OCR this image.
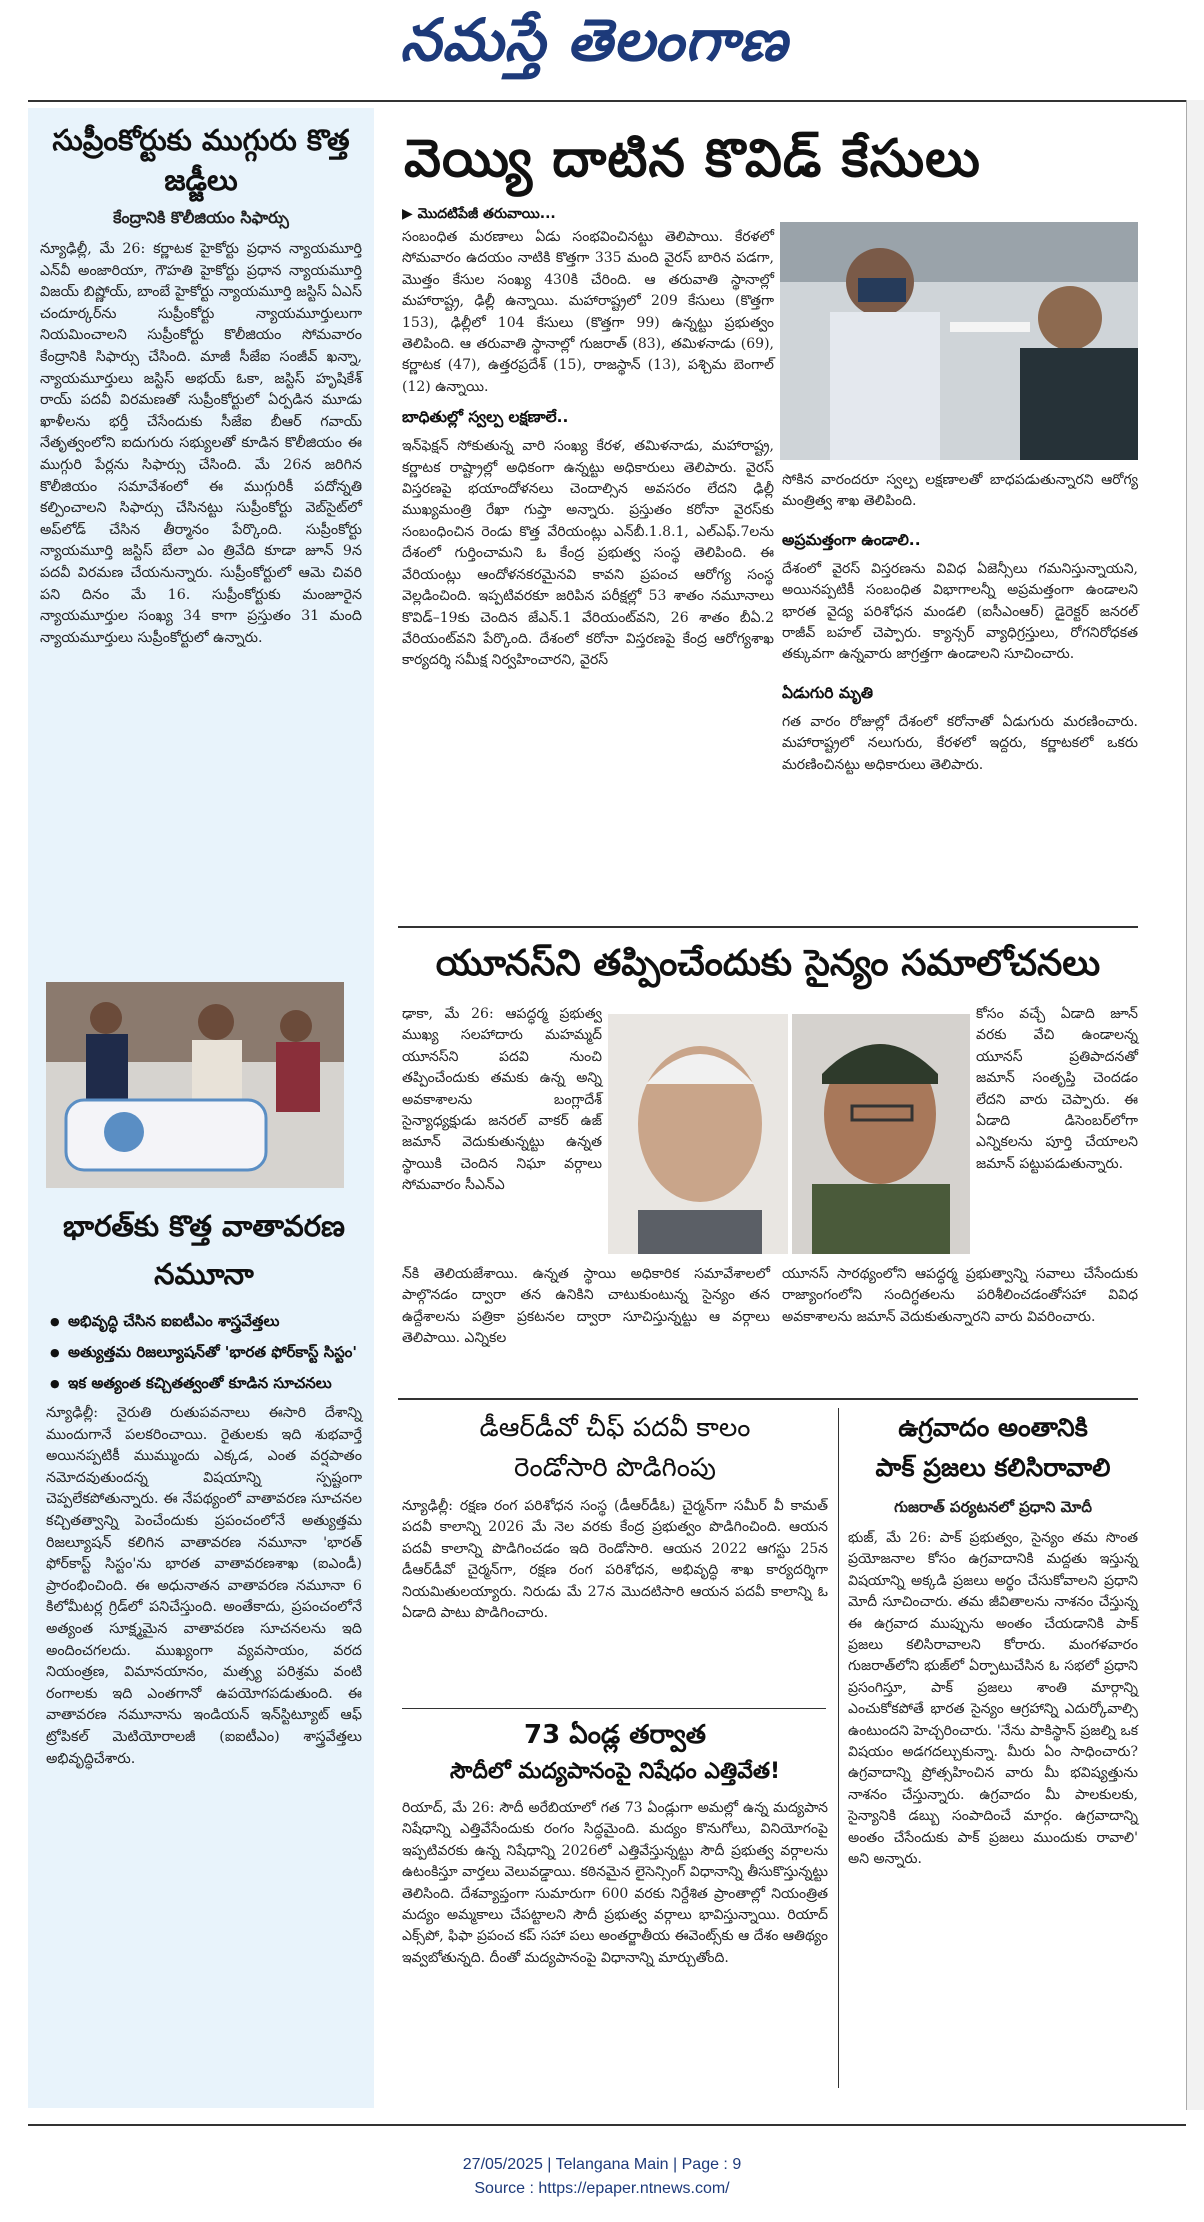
నమస్తే తెలంగాణ
సుప్రీంకోర్టుకు ముగ్గురు కొత్త జడ్జీలు
కేంద్రానికి కొలీజియం సిఫార్సు
న్యూఢిల్లీ, మే 26: కర్ణాటక హైకోర్టు ప్రధాన న్యాయమూర్తి ఎన్‌వీ అంజారియా, గౌహతి హైకోర్టు ప్రధాన న్యాయమూర్తి విజయ్ బిష్ణోయ్, బాంబే హైకోర్టు న్యాయమూర్తి జస్టిస్ ఏఎస్ చందూర్కర్‌ను సుప్రీంకోర్టు న్యాయమూర్తులుగా నియమించాలని సుప్రీంకోర్టు కొలీజియం సోమవారం కేంద్రానికి సిఫార్సు చేసింది. మాజీ సీజేఐ సంజీవ్ ఖన్నా, న్యాయమూర్తులు జస్టిస్ అభయ్ ఓకా, జస్టిస్ హృషికేశ్ రాయ్ పదవీ విరమణతో సుప్రీంకోర్టులో ఏర్పడిన మూడు ఖాళీలను భర్తీ చేసేందుకు సీజేఐ బీఆర్ గవాయ్ నేతృత్వంలోని ఐదుగురు సభ్యులతో కూడిన కొలీజియం ఈ ముగ్గురి పేర్లను సిఫార్సు చేసింది. మే 26న జరిగిన కొలీజియం సమావేశంలో ఈ ముగ్గురికీ పదోన్నతి కల్పించాలని సిఫార్సు చేసినట్టు సుప్రీంకోర్టు వెబ్‌సైట్‌లో అప్‌లోడ్ చేసిన తీర్మానం పేర్కొంది. సుప్రీంకోర్టు న్యాయమూర్తి జస్టిస్ బేలా ఎం త్రివేది కూడా జూన్ 9న పదవీ విరమణ చేయనున్నారు. సుప్రీంకోర్టులో ఆమె చివరి పని దినం మే 16. సుప్రీంకోర్టుకు మంజూరైన న్యాయమూర్తుల సంఖ్య 34 కాగా ప్రస్తుతం 31 మంది న్యాయమూర్తులు సుప్రీంకోర్టులో ఉన్నారు.
భారత్‌కు కొత్త వాతావరణ నమూనా
● అభివృద్ధి చేసిన ఐఐటీఎం శాస్త్రవేత్తలు
● అత్యుత్తమ రిజల్యూషన్‌తో 'భారత ఫోర్‌కాస్ట్ సిస్టం'
● ఇక అత్యంత కచ్చితత్వంతో కూడిన సూచనలు
న్యూఢిల్లీ: నైరుతి రుతుపవనాలు ఈసారి దేశాన్ని ముందుగానే పలకరించాయి. రైతులకు ఇది శుభవార్తే అయినప్పటికీ ముమ్ముందు ఎక్కడ, ఎంత వర్షపాతం నమోదవుతుందన్న విషయాన్ని స్పష్టంగా చెప్పలేకపోతున్నారు. ఈ నేపథ్యంలో వాతావరణ సూచనల కచ్చితత్వాన్ని పెంచేందుకు ప్రపంచంలోనే అత్యుత్తమ రిజల్యూషన్ కలిగిన వాతావరణ నమూనా 'భారత్ ఫోర్‌కాస్ట్ సిస్టం'ను భారత వాతావరణశాఖ (ఐఎండీ) ప్రారంభించింది. ఈ అధునాతన వాతావరణ నమూనా 6 కిలోమీటర్ల గ్రిడ్‌లో పనిచేస్తుంది. అంతేకాదు, ప్రపంచంలోనే అత్యంత సూక్ష్మమైన వాతావరణ సూచనలను ఇది అందించగలదు. ముఖ్యంగా వ్యవసాయం, వరద నియంత్రణ, విమానయానం, మత్స్య పరిశ్రమ వంటి రంగాలకు ఇది ఎంతగానో ఉపయోగపడుతుంది. ఈ వాతావరణ నమూనాను ఇండియన్ ఇన్‌స్టిట్యూట్ ఆఫ్ ట్రోపికల్ మెటియోరాలజీ (ఐఐటీఎం) శాస్త్రవేత్తలు అభివృద్ధిచేశారు.
వెయ్యి దాటిన కొవిడ్ కేసులు
▶ మొదటిపేజీ తరువాయి...
సంబంధిత మరణాలు ఏడు సంభవించినట్టు తెలిపాయి. కేరళలో సోమవారం ఉదయం నాటికి కొత్తగా 335 మంది వైరస్ బారిన పడగా, మొత్తం కేసుల సంఖ్య 430కి చేరింది. ఆ తరువాతి స్థానాల్లో మహారాష్ట్ర, ఢిల్లీ ఉన్నాయి. మహారాష్ట్రలో 209 కేసులు (కొత్తగా 153), ఢిల్లీలో 104 కేసులు (కొత్తగా 99) ఉన్నట్టు ప్రభుత్వం తెలిపింది. ఆ తరువాతి స్థానాల్లో గుజరాత్ (83), తమిళనాడు (69), కర్ణాటక (47), ఉత్తరప్రదేశ్ (15), రాజస్థాన్ (13), పశ్చిమ బెంగాల్ (12) ఉన్నాయి.
బాధితుల్లో స్వల్ప లక్షణాలే..
ఇన్‌ఫెక్షన్ సోకుతున్న వారి సంఖ్య కేరళ, తమిళనాడు, మహారాష్ట్ర, కర్ణాటక రాష్ట్రాల్లో అధికంగా ఉన్నట్టు అధికారులు తెలిపారు. వైరస్ విస్తరణపై భయాందోళనలు చెందాల్సిన అవసరం లేదని ఢిల్లీ ముఖ్యమంత్రి రేఖా గుప్తా అన్నారు. ప్రస్తుతం కరోనా వైరస్‌కు సంబంధించిన రెండు కొత్త వేరియంట్లు ఎన్‌బీ.1.8.1, ఎల్ఎఫ్.7లను దేశంలో గుర్తించామని ఓ కేంద్ర ప్రభుత్వ సంస్థ తెలిపింది. ఈ వేరియంట్లు ఆందోళనకరమైనవి కావని ప్రపంచ ఆరోగ్య సంస్థ వెల్లడించింది. ఇప్పటివరకూ జరిపిన పరీక్షల్లో 53 శాతం నమూనాలు కొవిడ్–19కు చెందిన జేఎన్.1 వేరియంట్‌వని, 26 శాతం బీఏ.2 వేరియంట్‌వని పేర్కొంది. దేశంలో కరోనా విస్తరణపై కేంద్ర ఆరోగ్యశాఖ కార్యదర్శి సమీక్ష నిర్వహించారని, వైరస్
సోకిన వారందరూ స్వల్ప లక్షణాలతో బాధపడుతున్నారని ఆరోగ్య మంత్రిత్వ శాఖ తెలిపింది.
అప్రమత్తంగా ఉండాలి..
దేశంలో వైరస్ విస్తరణను వివిధ ఏజెన్సీలు గమనిస్తున్నాయని, అయినప్పటికీ సంబంధిత విభాగాలన్నీ అప్రమత్తంగా ఉండాలని భారత వైద్య పరిశోధన మండలి (ఐసీఎంఆర్) డైరెక్టర్ జనరల్ రాజీవ్ బహల్ చెప్పారు. క్యాన్సర్ వ్యాధిగ్రస్తులు, రోగనిరోధకత తక్కువగా ఉన్నవారు జాగ్రత్తగా ఉండాలని సూచించారు.
ఏడుగురి మృతి
గత వారం రోజుల్లో దేశంలో కరోనాతో ఏడుగురు మరణించారు. మహారాష్ట్రలో నలుగురు, కేరళలో ఇద్దరు, కర్ణాటకలో ఒకరు మరణించినట్టు అధికారులు తెలిపారు.
యూనస్‌ని తప్పించేందుకు సైన్యం సమాలోచనలు
ఢాకా, మే 26: ఆపద్ధర్మ ప్రభుత్వ ముఖ్య సలహాదారు మహమ్మద్ యూనస్‌ని పదవి నుంచి తప్పించేందుకు తమకు ఉన్న అన్ని అవకాశాలను బంగ్లాదేశ్ సైన్యాధ్యక్షుడు జనరల్ వాకర్ ఉజ్ జమాన్ వెదుకుతున్నట్టు ఉన్నత స్థాయికి చెందిన నిఘా వర్గాలు సోమవారం సీఎన్ఎ
కోసం వచ్చే ఏడాది జూన్ వరకు వేచి ఉండాలన్న యూనస్ ప్రతిపాదనతో జమాన్ సంతృప్తి చెందడం లేదని వారు చెప్పారు. ఈ ఏడాది డిసెంబర్‌లోగా ఎన్నికలను పూర్తి చేయాలని జమాన్ పట్టుపడుతున్నారు.
న్‌కి తెలియజేశాయి. ఉన్నత స్థాయి అధికారిక సమావేశాలలో పాల్గొనడం ద్వారా తన ఉనికిని చాటుకుంటున్న సైన్యం తన ఉద్దేశాలను పత్రికా ప్రకటనల ద్వారా సూచిస్తున్నట్టు ఆ వర్గాలు తెలిపాయి. ఎన్నికల
యూనస్ సారథ్యంలోని ఆపద్ధర్మ ప్రభుత్వాన్ని సవాలు చేసేందుకు రాజ్యాంగంలోని సందిగ్ధతలను పరిశీలించడంతోసహా వివిధ అవకాశాలను జమాన్ వెదుకుతున్నారని వారు వివరించారు.
డీఆర్‌డీవో చీఫ్ పదవీ కాలం
రెండోసారి పొడిగింపు
న్యూఢిల్లీ: రక్షణ రంగ పరిశోధన సంస్థ (డీఆర్‌డీఓ) చైర్మన్‌గా సమీర్ వీ కామత్ పదవీ కాలాన్ని 2026 మే నెల వరకు కేంద్ర ప్రభుత్వం పొడిగించింది. ఆయన పదవీ కాలాన్ని పొడిగించడం ఇది రెండోసారి. ఆయన 2022 ఆగస్టు 25న డీఆర్‌డీవో చైర్మన్‌గా, రక్షణ రంగ పరిశోధన, అభివృద్ధి శాఖ కార్యదర్శిగా నియమితులయ్యారు. నిరుడు మే 27న మొదటిసారి ఆయన పదవీ కాలాన్ని ఓ ఏడాది పాటు పొడిగించారు.
73 ఏండ్ల తర్వాత
సౌదీలో మద్యపానంపై నిషేధం ఎత్తివేత!
రియాద్, మే 26: సౌదీ అరేబియాలో గత 73 ఏండ్లుగా అమల్లో ఉన్న మద్యపాన నిషేధాన్ని ఎత్తివేసేందుకు రంగం సిద్ధమైంది. మద్యం కొనుగోలు, వినియోగంపై ఇప్పటివరకు ఉన్న నిషేధాన్ని 2026లో ఎత్తివేస్తున్నట్టు సౌదీ ప్రభుత్వ వర్గాలను ఉటంకిస్తూ వార్తలు వెలువడ్డాయి. కఠినమైన లైసెన్సింగ్ విధానాన్ని తీసుకొస్తున్నట్టు తెలిసింది. దేశవ్యాప్తంగా సుమారుగా 600 వరకు నిర్దేశిత ప్రాంతాల్లో నియంత్రిత మద్యం అమ్మకాలు చేపట్టాలని సౌదీ ప్రభుత్వ వర్గాలు భావిస్తున్నాయి. రియాద్ ఎక్స్‌పో, ఫిఫా ప్రపంచ కప్ సహా పలు అంతర్జాతీయ ఈవెంట్స్‌కు ఆ దేశం ఆతిథ్యం ఇవ్వబోతున్నది. దీంతో మద్యపానంపై విధానాన్ని మార్చుతోంది.
ఉగ్రవాదం అంతానికి
పాక్ ప్రజలు కలిసిరావాలి
గుజరాత్ పర్యటనలో ప్రధాని మోదీ
భుజ్, మే 26: పాక్ ప్రభుత్వం, సైన్యం తమ సొంత ప్రయోజనాల కోసం ఉగ్రవాదానికి మద్దతు ఇస్తున్న విషయాన్ని అక్కడి ప్రజలు అర్థం చేసుకోవాలని ప్రధాని మోదీ సూచించారు. తమ జీవితాలను నాశనం చేస్తున్న ఈ ఉగ్రవాద ముప్పును అంతం చేయడానికి పాక్ ప్రజలు కలిసిరావాలని కోరారు. మంగళవారం గుజరాత్‌లోని భుజ్‌లో ఏర్పాటుచేసిన ఓ సభలో ప్రధాని ప్రసంగిస్తూ, పాక్ ప్రజలు శాంతి మార్గాన్ని ఎంచుకోకపోతే భారత సైన్యం ఆగ్రహాన్ని ఎదుర్కోవాల్సి ఉంటుందని హెచ్చరించారు. 'నేను పాకిస్థాన్ ప్రజల్ని ఒక విషయం అడగదల్చుకున్నా. మీరు ఏం సాధించారు? ఉగ్రవాదాన్ని ప్రోత్సహించిన వారు మీ భవిష్యత్తును నాశనం చేస్తున్నారు. ఉగ్రవాదం మీ పాలకులకు, సైన్యానికి డబ్బు సంపాదించే మార్గం. ఉగ్రవాదాన్ని అంతం చేసేందుకు పాక్ ప్రజలు ముందుకు రావాలి' అని అన్నారు.
27/05/2025 | Telangana Main | Page : 9
Source : https://epaper.ntnews.com/
